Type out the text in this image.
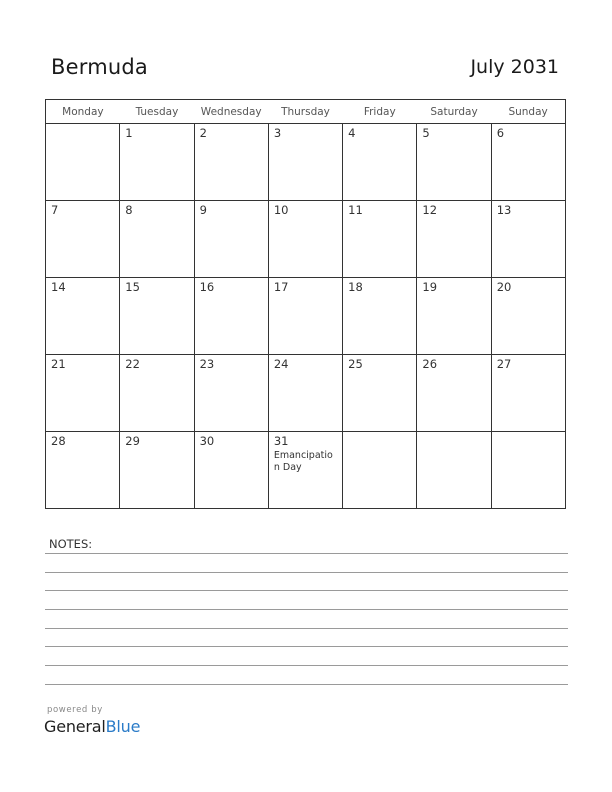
Bermuda	July 2031
Monday	Tuesday	Wednesday	Thursday	Friday	Saturday	Sunday

	1	2	3	4	5	6

7	8	9	10	11	12	13

14	15	16	17	18	19	20

21	22	23	24	25	26	27

28	29	30	31
Emancipation Day			

NOTES:
powered by
GeneralBlue
